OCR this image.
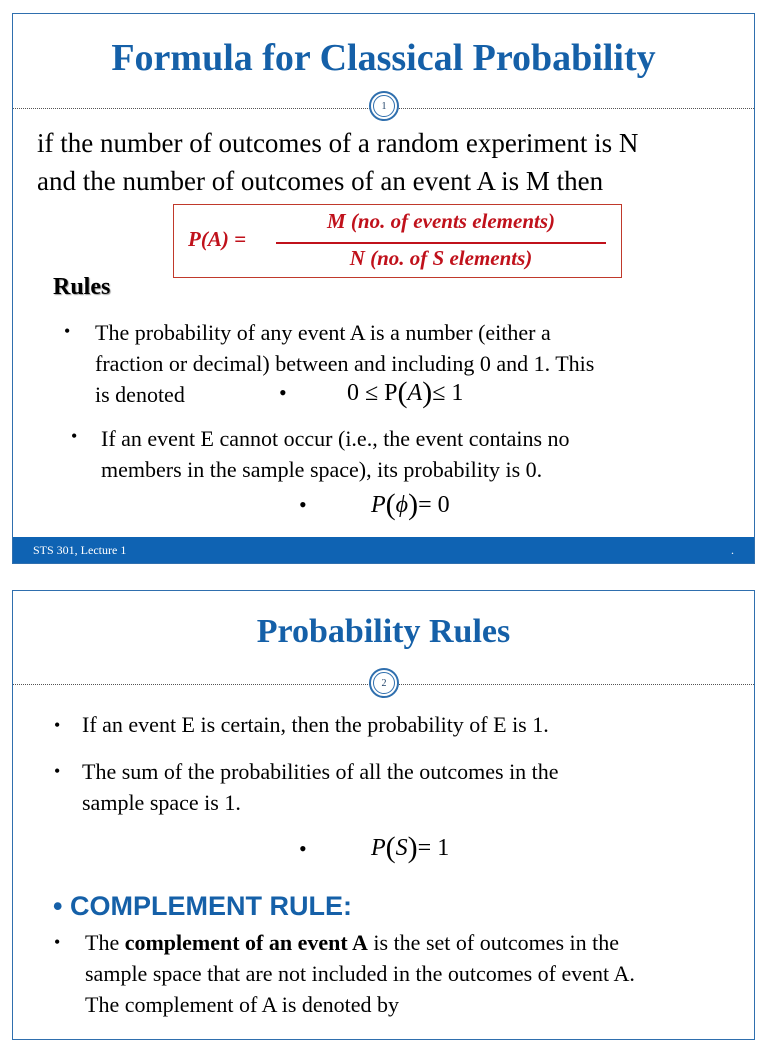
Formula for Classical Probability
1
if the number of outcomes of a random experiment is N
and the number of outcomes of an event A is M then
P(A) =
M (no. of events elements)
N (no. of S elements)
Rules
• The probability of any event A is a number (either a
fraction or decimal) between and including 0 and 1. This
is denoted	•	0 ≤ P(A)≤ 1
• If an event E cannot occur (i.e., the event contains no
members in the sample space), its probability is 0.
•	P(ϕ)= 0
STS 301, Lecture 1	.
Probability Rules
2
• If an event E is certain, then the probability of E is 1.
• The sum of the probabilities of all the outcomes in the
sample space is 1.
•	P(S)= 1
• COMPLEMENT RULE:
• The complement of an event A is the set of outcomes in the
sample space that are not included in the outcomes of event A.
The complement of A is denoted by
